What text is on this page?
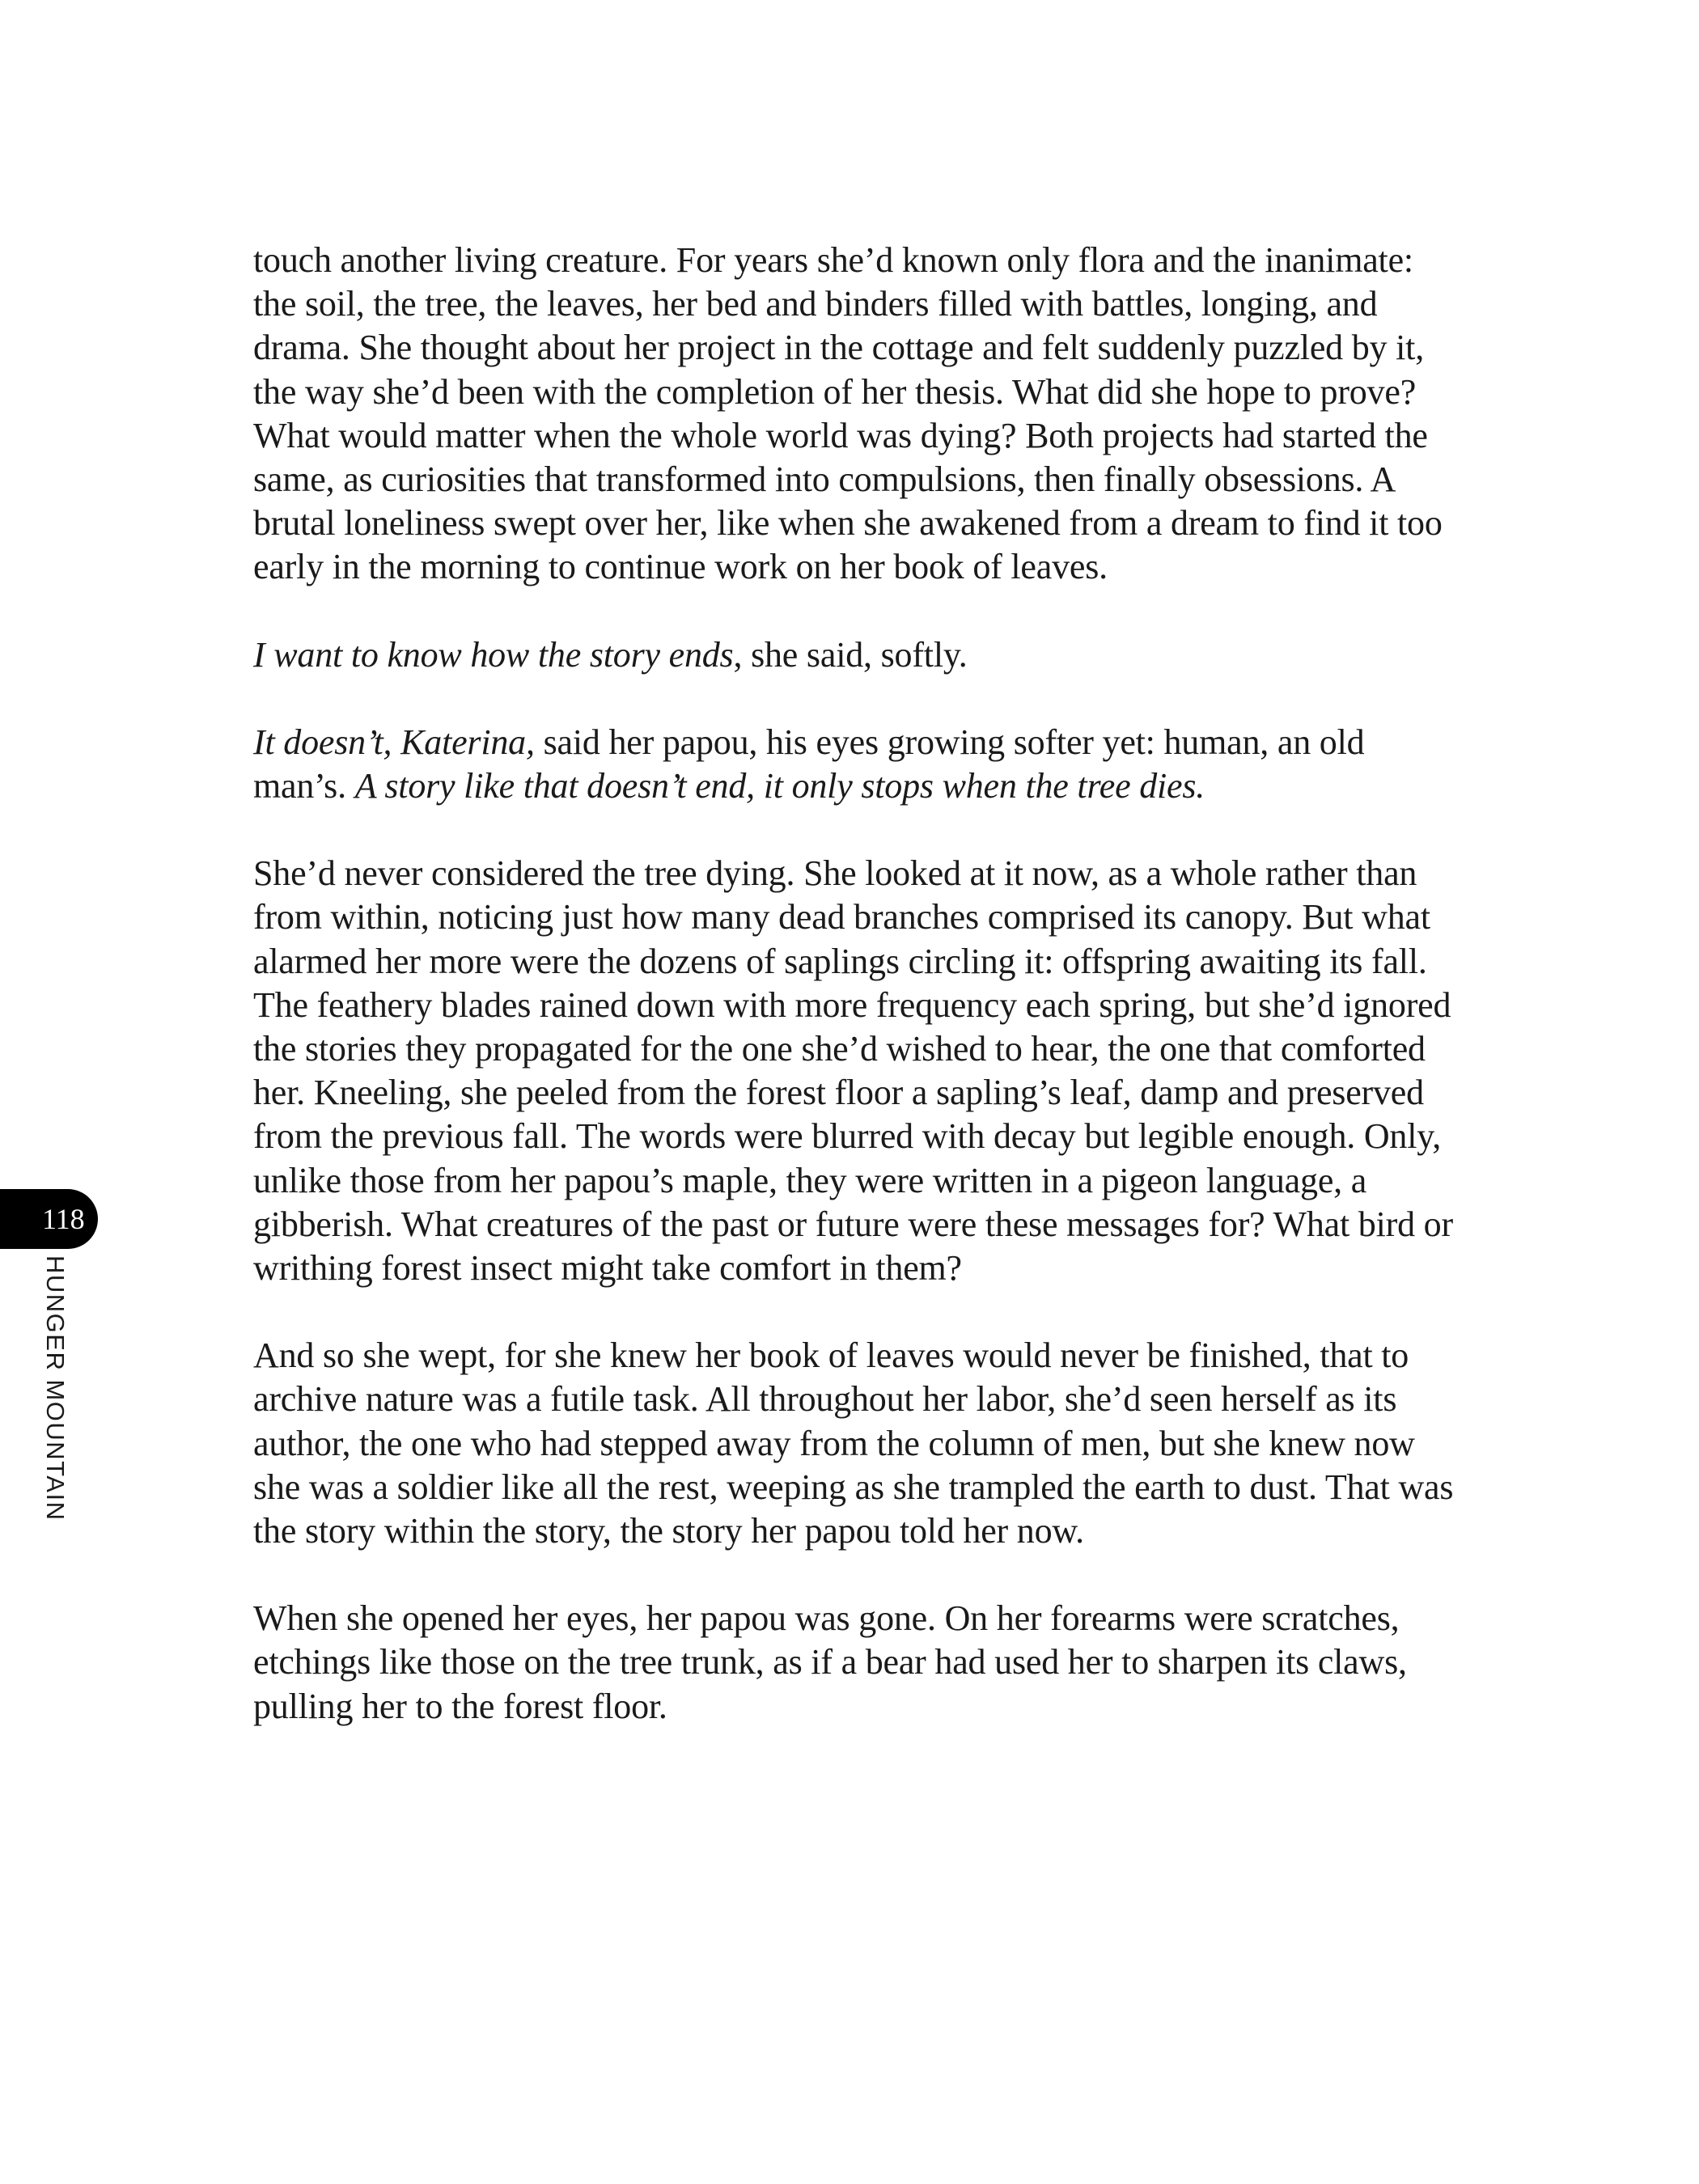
touch another living creature. For years she’d known only flora and the inanimate:
the soil, the tree, the leaves, her bed and binders filled with battles, longing, and
drama. She thought about her project in the cottage and felt suddenly puzzled by it,
the way she’d been with the completion of her thesis. What did she hope to prove?
What would matter when the whole world was dying? Both projects had started the
same, as curiosities that transformed into compulsions, then finally obsessions. A
brutal loneliness swept over her, like when she awakened from a dream to find it too
early in the morning to continue work on her book of leaves.

I want to know how the story ends, she said, softly.

It doesn’t, Katerina, said her papou, his eyes growing softer yet: human, an old
man’s. A story like that doesn’t end, it only stops when the tree dies.

She’d never considered the tree dying. She looked at it now, as a whole rather than
from within, noticing just how many dead branches comprised its canopy. But what
alarmed her more were the dozens of saplings circling it: offspring awaiting its fall.
The feathery blades rained down with more frequency each spring, but she’d ignored
the stories they propagated for the one she’d wished to hear, the one that comforted
her. Kneeling, she peeled from the forest floor a sapling’s leaf, damp and preserved
from the previous fall. The words were blurred with decay but legible enough. Only,
unlike those from her papou’s maple, they were written in a pigeon language, a
gibberish. What creatures of the past or future were these messages for? What bird or
writhing forest insect might take comfort in them?

And so she wept, for she knew her book of leaves would never be finished, that to
archive nature was a futile task. All throughout her labor, she’d seen herself as its
author, the one who had stepped away from the column of men, but she knew now
she was a soldier like all the rest, weeping as she trampled the earth to dust. That was
the story within the story, the story her papou told her now.

When she opened her eyes, her papou was gone. On her forearms were scratches,
etchings like those on the tree trunk, as if a bear had used her to sharpen its claws,
pulling her to the forest floor.

118
HUNGER MOUNTAIN
